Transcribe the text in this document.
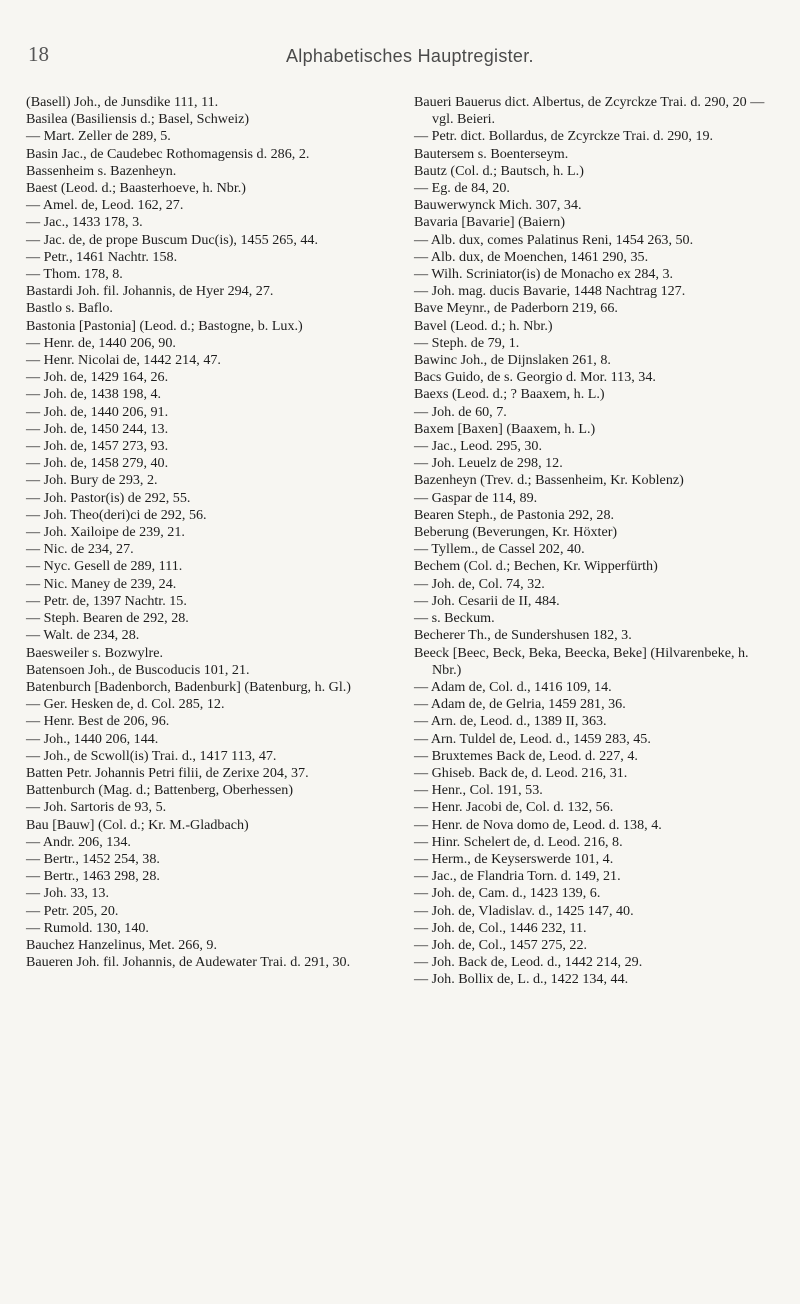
18	Alphabetisches Hauptregister.

(Basell) Joh., de Junsdike 111, 11.

Basilea (Basiliensis d.; Basel, Schweiz)

— Mart. Zeller de 289, 5.

Basin Jac., de Caudebec Rothomagensis d. 286, 2.

Bassenheim s. Bazenheyn.

Baest (Leod. d.; Baasterhoeve, h. Nbr.)

— Amel. de, Leod. 162, 27.

— Jac., 1433 178, 3.

— Jac. de, de prope Buscum Duc(is), 1455 265, 44.

— Petr., 1461 Nachtr. 158.

— Thom. 178, 8.

Bastardi Joh. fil. Johannis, de Hyer 294, 27.

Bastlo s. Baflo.

Bastonia [Pastonia] (Leod. d.; Bastogne, b. Lux.)

— Henr. de, 1440 206, 90.

— Henr. Nicolai de, 1442 214, 47.

— Joh. de, 1429 164, 26.

— Joh. de, 1438 198, 4.

— Joh. de, 1440 206, 91.

— Joh. de, 1450 244, 13.

— Joh. de, 1457 273, 93.

— Joh. de, 1458 279, 40.

— Joh. Bury de 293, 2.

— Joh. Pastor(is) de 292, 55.

— Joh. Theo(deri)ci de 292, 56.

— Joh. Xailoipe de 239, 21.

— Nic. de 234, 27.

— Nyc. Gesell de 289, 111.

— Nic. Maney de 239, 24.

— Petr. de, 1397 Nachtr. 15.

— Steph. Bearen de 292, 28.

— Walt. de 234, 28.

Baesweiler s. Bozwylre.

Batensoen Joh., de Buscoducis 101, 21.

Batenburch [Badenborch, Badenburk] (Batenburg, h. Gl.)

— Ger. Hesken de, d. Col. 285, 12.

— Henr. Best de 206, 96.

— Joh., 1440 206, 144.

— Joh., de Scwoll(is) Trai. d., 1417 113, 47.

Batten Petr. Johannis Petri filii, de Zerixe 204, 37.

Battenburch (Mag. d.; Battenberg, Oberhessen)

— Joh. Sartoris de 93, 5.

Bau [Bauw] (Col. d.; Kr. M.-Gladbach)

— Andr. 206, 134.

— Bertr., 1452 254, 38.

— Bertr., 1463 298, 28.

— Joh. 33, 13.

— Petr. 205, 20.

— Rumold. 130, 140.

Bauchez Hanzelinus, Met. 266, 9.

Baueren Joh. fil. Johannis, de Audewater Trai. d. 291, 30.

Baueri Bauerus dict. Albertus, de Zcyrckze Trai. d. 290, 20 — vgl. Beieri.

— Petr. dict. Bollardus, de Zcyrckze Trai. d. 290, 19.

Bautersem s. Boenterseym.

Bautz (Col. d.; Bautsch, h. L.)

— Eg. de 84, 20.

Bauwerwynck Mich. 307, 34.

Bavaria [Bavarie] (Baiern)

— Alb. dux, comes Palatinus Reni, 1454 263, 50.

— Alb. dux, de Moenchen, 1461 290, 35.

— Wilh. Scriniator(is) de Monacho ex 284, 3.

— Joh. mag. ducis Bavarie, 1448 Nachtrag 127.

Bave Meynr., de Paderborn 219, 66.

Bavel (Leod. d.; h. Nbr.)

— Steph. de 79, 1.

Bawinc Joh., de Dijnslaken 261, 8.

Bacs Guido, de s. Georgio d. Mor. 113, 34.

Baexs (Leod. d.; ? Baaxem, h. L.)

— Joh. de 60, 7.

Baxem [Baxen] (Baaxem, h. L.)

— Jac., Leod. 295, 30.

— Joh. Leuelz de 298, 12.

Bazenheyn (Trev. d.; Bassenheim, Kr. Koblenz)

— Gaspar de 114, 89.

Bearen Steph., de Pastonia 292, 28.

Beberung (Beverungen, Kr. Höxter)

— Tyllem., de Cassel 202, 40.

Bechem (Col. d.; Bechen, Kr. Wipperfürth)

— Joh. de, Col. 74, 32.

— Joh. Cesarii de II, 484.

— s. Beckum.

Becherer Th., de Sundershusen 182, 3.

Beeck [Beec, Beck, Beka, Beecka, Beke] (Hilvarenbeke, h. Nbr.)

— Adam de, Col. d., 1416 109, 14.

— Adam de, de Gelria, 1459 281, 36.

— Arn. de, Leod. d., 1389 II, 363.

— Arn. Tuldel de, Leod. d., 1459 283, 45.

— Bruxtemes Back de, Leod. d. 227, 4.

— Ghiseb. Back de, d. Leod. 216, 31.

— Henr., Col. 191, 53.

— Henr. Jacobi de, Col. d. 132, 56.

— Henr. de Nova domo de, Leod. d. 138, 4.

— Hinr. Schelert de, d. Leod. 216, 8.

— Herm., de Keyserswerde 101, 4.

— Jac., de Flandria Torn. d. 149, 21.

— Joh. de, Cam. d., 1423 139, 6.

— Joh. de, Vladislav. d., 1425 147, 40.

— Joh. de, Col., 1446 232, 11.

— Joh. de, Col., 1457 275, 22.

— Joh. Back de, Leod. d., 1442 214, 29.

— Joh. Bollix de, L. d., 1422 134, 44.
